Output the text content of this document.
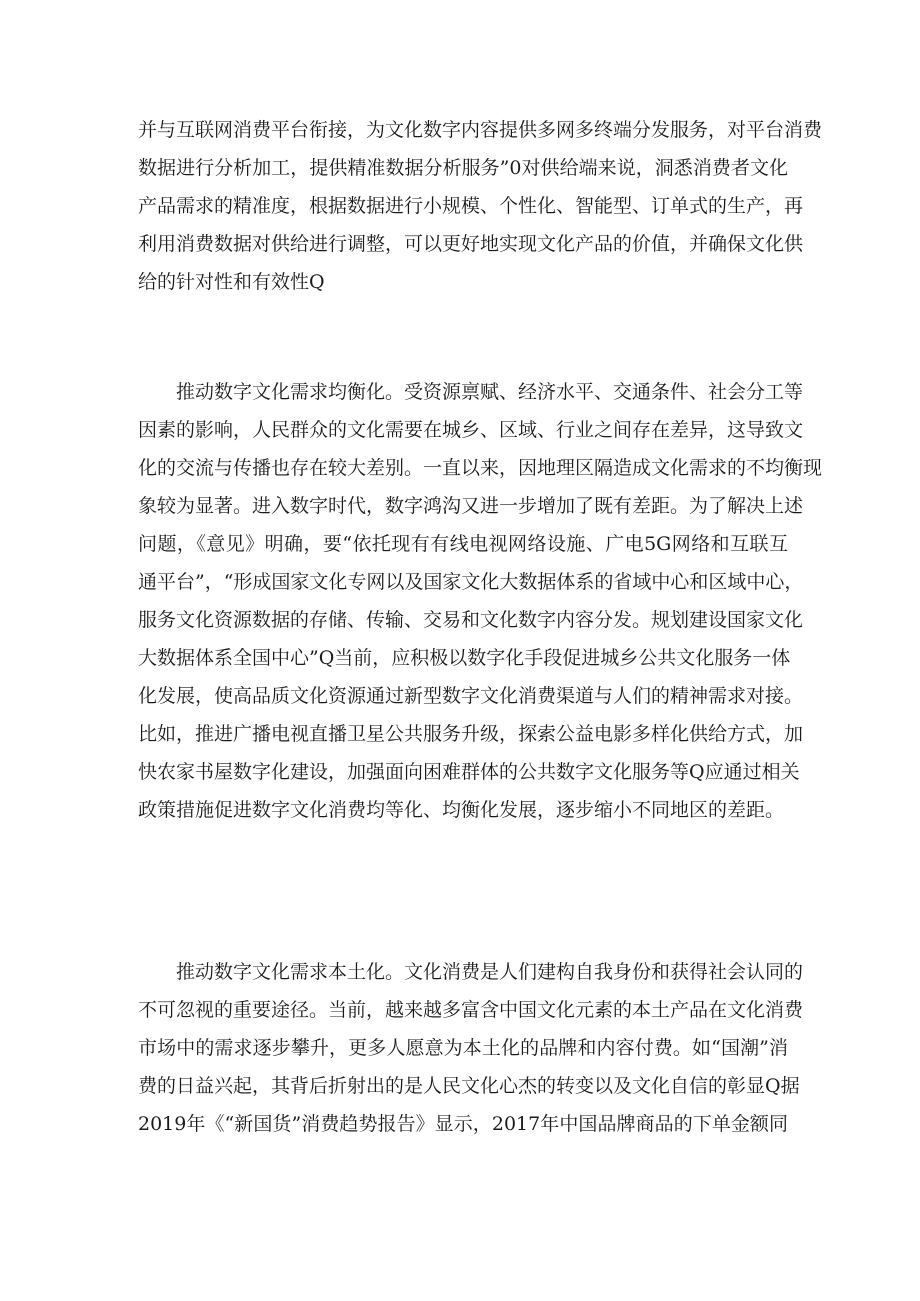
并与互联网消费平台衔接，为文化数字内容提供多网多终端分发服务，对平台消费
数据进行分析加工，提供精准数据分析服务”0对供给端来说，洞悉消费者文化
产品需求的精准度，根据数据进行小规模、个性化、智能型、订单式的生产，再
利用消费数据对供给进行调整，可以更好地实现文化产品的价值，并确保文化供
给的针对性和有效性Q

推动数字文化需求均衡化。受资源禀赋、经济水平、交通条件、社会分工等
因素的影响，人民群众的文化需要在城乡、区域、行业之间存在差异，这导致文
化的交流与传播也存在较大差别。一直以来，因地理区隔造成文化需求的不均衡现
象较为显著。进入数字时代，数字鸿沟又进一步增加了既有差距。为了解决上述
问题，《意见》明确，要“依托现有有线电视网络设施、广电5G网络和互联互
通平台”，“形成国家文化专网以及国家文化大数据体系的省域中心和区域中心，
服务文化资源数据的存储、传输、交易和文化数字内容分发。规划建设国家文化
大数据体系全国中心”Q当前，应积极以数字化手段促进城乡公共文化服务一体
化发展，使高品质文化资源通过新型数字文化消费渠道与人们的精神需求对接。
比如，推进广播电视直播卫星公共服务升级，探索公益电影多样化供给方式，加
快农家书屋数字化建设，加强面向困难群体的公共数字文化服务等Q应通过相关
政策措施促进数字文化消费均等化、均衡化发展，逐步缩小不同地区的差距。

推动数字文化需求本土化。文化消费是人们建构自我身份和获得社会认同的
不可忽视的重要途径。当前，越来越多富含中国文化元素的本土产品在文化消费
市场中的需求逐步攀升，更多人愿意为本土化的品牌和内容付费。如“国潮”消
费的日益兴起，其背后折射出的是人民文化心杰的转变以及文化自信的彰显Q据
2019年《“新国货”消费趋势报告》显示，2017年中国品牌商品的下单金额同
